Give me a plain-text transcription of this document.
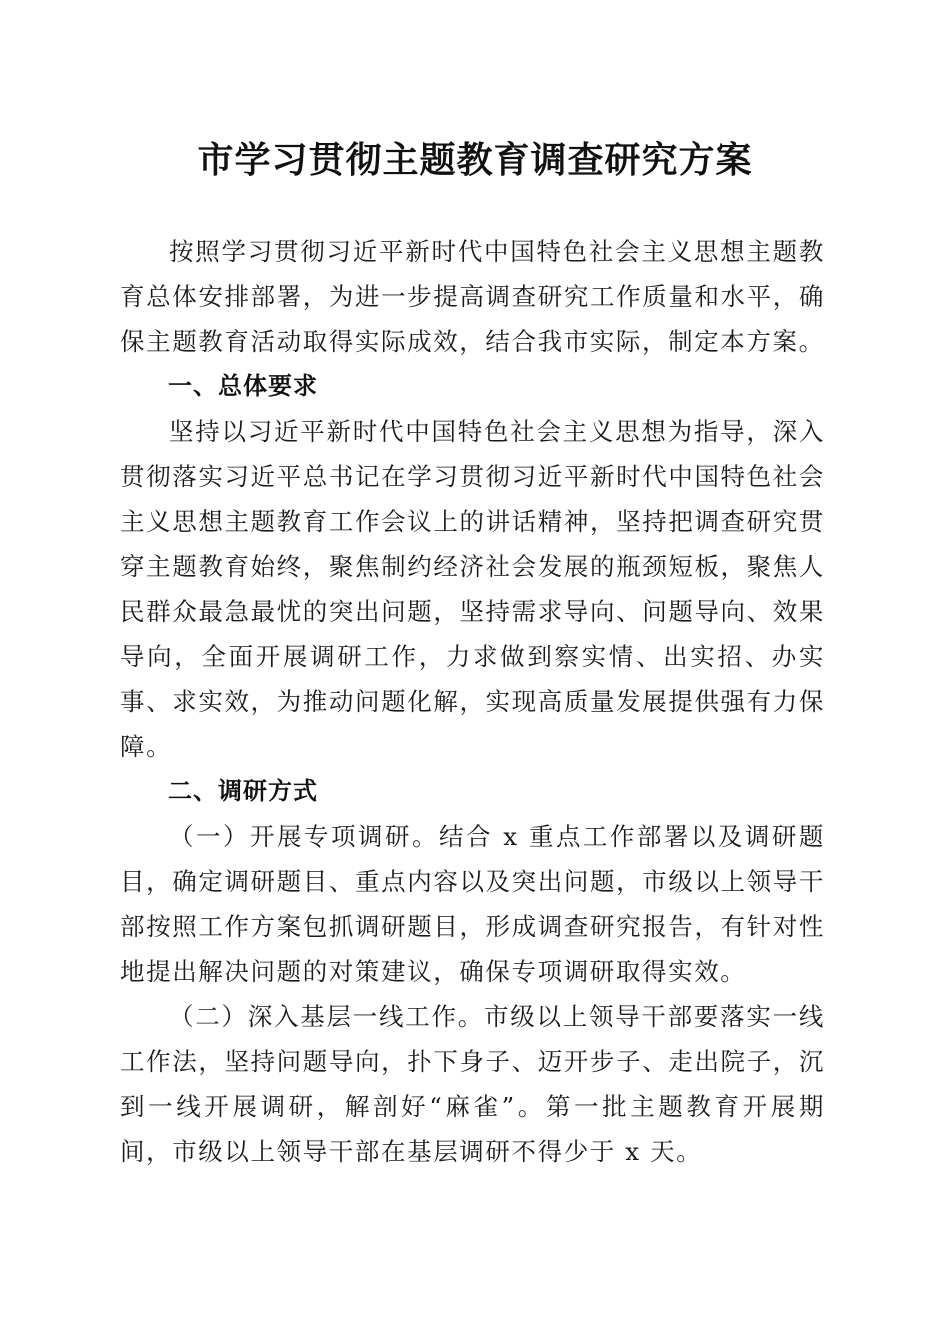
市学习贯彻主题教育调查研究方案

按照学习贯彻习近平新时代中国特色社会主义思想主题教育总体安排部署，为进一步提高调查研究工作质量和水平，确保主题教育活动取得实际成效，结合我市实际，制定本方案。

一、总体要求

坚持以习近平新时代中国特色社会主义思想为指导，深入贯彻落实习近平总书记在学习贯彻习近平新时代中国特色社会主义思想主题教育工作会议上的讲话精神，坚持把调查研究贯穿主题教育始终，聚焦制约经济社会发展的瓶颈短板，聚焦人民群众最急最忧的突出问题，坚持需求导向、问题导向、效果导向，全面开展调研工作，力求做到察实情、出实招、办实事、求实效，为推动问题化解，实现高质量发展提供强有力保障。

二、调研方式

（一）开展专项调研。结合 x 重点工作部署以及调研题目，确定调研题目、重点内容以及突出问题，市级以上领导干部按照工作方案包抓调研题目，形成调查研究报告，有针对性地提出解决问题的对策建议，确保专项调研取得实效。

（二）深入基层一线工作。市级以上领导干部要落实一线工作法，坚持问题导向，扑下身子、迈开步子、走出院子，沉到一线开展调研，解剖好“麻雀”。第一批主题教育开展期间，市级以上领导干部在基层调研不得少于 x 天。
